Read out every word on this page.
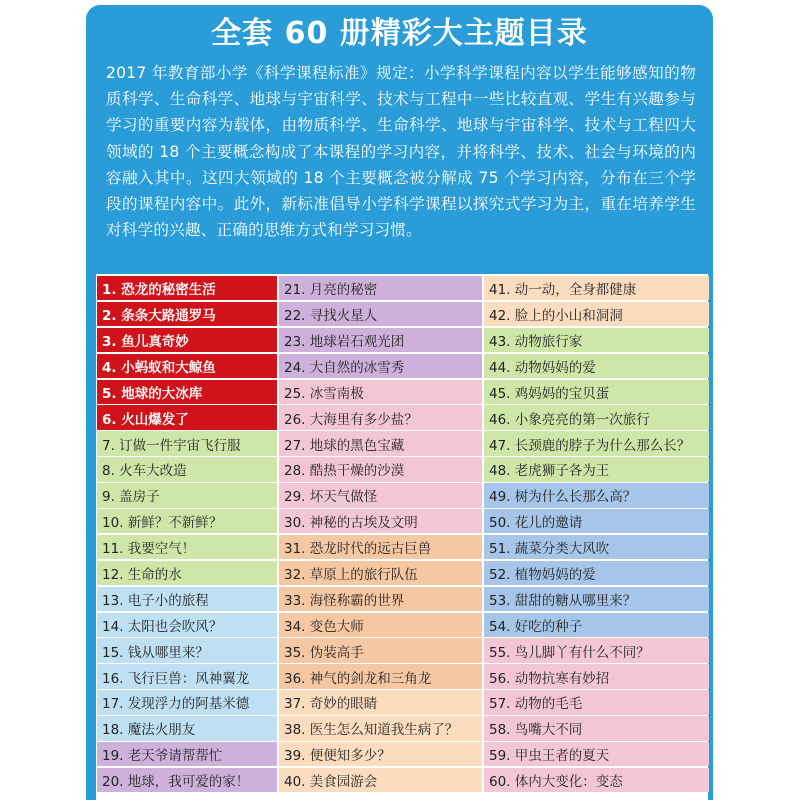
全套 60 册精彩大主题目录
2017 年教育部小学《科学课程标准》规定：小学科学课程内容以学生能够感知的物质科学、生命科学、地球与宇宙科学、技术与工程中一些比较直观、学生有兴趣参与学习的重要内容为载体，由物质科学、生命科学、地球与宇宙科学、技术与工程四大领域的 18 个主要概念构成了本课程的学习内容，并将科学、技术、社会与环境的内容融入其中。这四大领域的 18 个主要概念被分解成 75 个学习内容，分布在三个学段的课程内容中。此外，新标准倡导小学科学课程以探究式学习为主，重在培养学生对科学的兴趣、正确的思维方式和学习习惯。
1. 恐龙的秘密生活	21. 月亮的秘密	41. 动一动，全身都健康
2. 条条大路通罗马	22. 寻找火星人	42. 脸上的小山和洞洞
3. 鱼儿真奇妙	23. 地球岩石观光团	43. 动物旅行家
4. 小蚂蚁和大鲸鱼	24. 大自然的冰雪秀	44. 动物妈妈的爱
5. 地球的大冰库	25. 冰雪南极	45. 鸡妈妈的宝贝蛋
6. 火山爆发了	26. 大海里有多少盐？	46. 小象亮亮的第一次旅行
7. 订做一件宇宙飞行服	27. 地球的黑色宝藏	47. 长颈鹿的脖子为什么那么长？
8. 火车大改造	28. 酷热干燥的沙漠	48. 老虎狮子各为王
9. 盖房子	29. 坏天气做怪	49. 树为什么长那么高？
10. 新鲜？不新鲜？	30. 神秘的古埃及文明	50. 花儿的邀请
11. 我要空气！	31. 恐龙时代的远古巨兽	51. 蔬菜分类大风吹
12. 生命的水	32. 草原上的旅行队伍	52. 植物妈妈的爱
13. 电子小的旅程	33. 海怪称霸的世界	53. 甜甜的糖从哪里来？
14. 太阳也会吹风？	34. 变色大师	54. 好吃的种子
15. 钱从哪里来？	35. 伪装高手	55. 鸟儿脚丫有什么不同？
16. 飞行巨兽：风神翼龙	36. 神气的剑龙和三角龙	56. 动物抗寒有妙招
17. 发现浮力的阿基米德	37. 奇妙的眼睛	57. 动物的毛毛
18. 魔法火朋友	38. 医生怎么知道我生病了？	58. 鸟嘴大不同
19. 老天爷请帮帮忙	39. 便便知多少？	59. 甲虫王者的夏天
20. 地球，我可爱的家！	40. 美食园游会	60. 体内大变化：变态
